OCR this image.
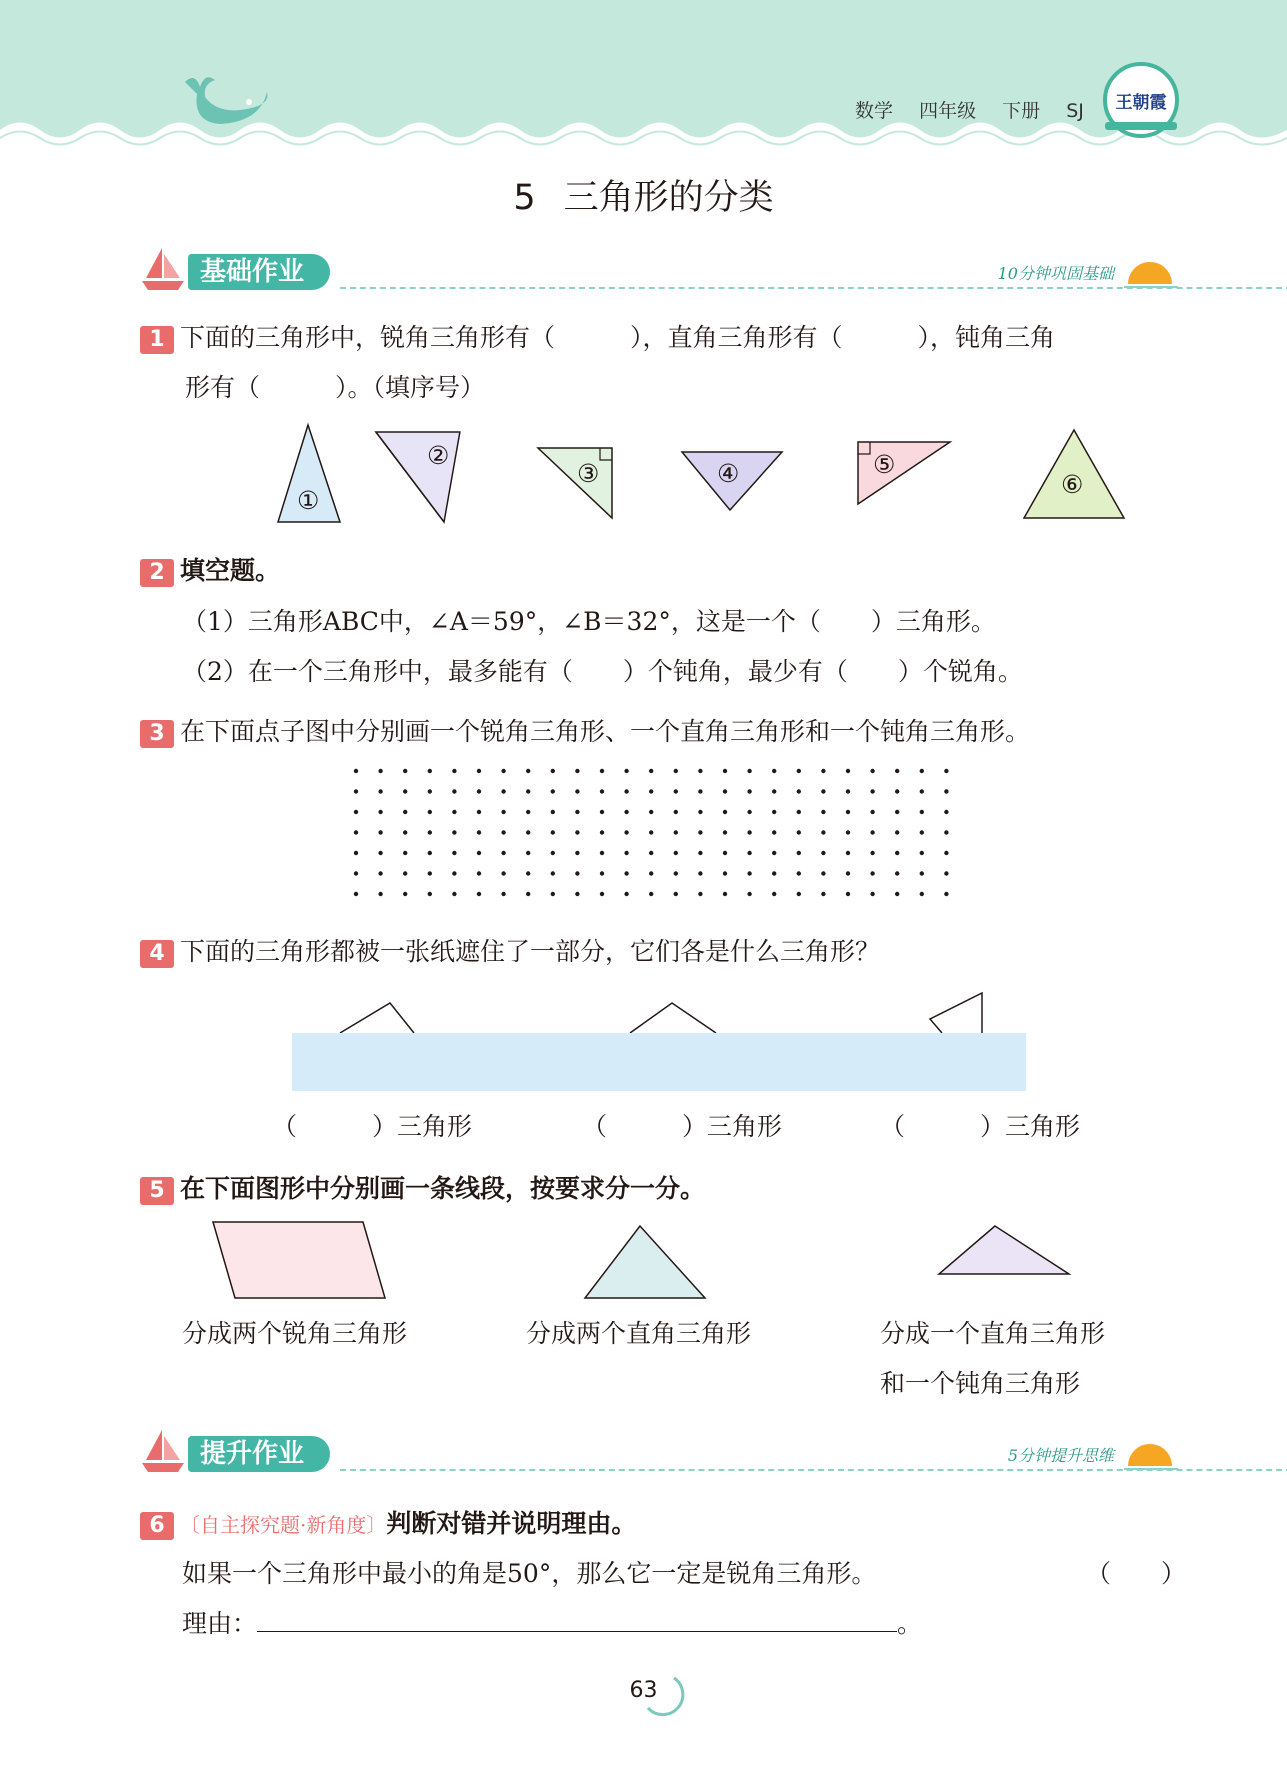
数学 四年级 下册 SJ	王朝霞
5 三角形的分类
基础作业	10分钟巩固基础
1 下面的三角形中，锐角三角形有（　　　），直角三角形有（　　　），钝角三角
形有（　　　）。（填序号）
①
②
③	④	⑤
⑥
2 填空题。
（1）三角形ABC中，∠A＝59°，∠B＝32°，这是一个（　　）三角形。
（2）在一个三角形中，最多能有（　　）个钝角，最少有（　　）个锐角。
3 在下面点子图中分别画一个锐角三角形、一个直角三角形和一个钝角三角形。
4 下面的三角形都被一张纸遮住了一部分，它们各是什么三角形？
（　　　）三角形	（　　　）三角形	（　　　）三角形
5 在下面图形中分别画一条线段，按要求分一分。
分成两个锐角三角形	分成两个直角三角形	分成一个直角三角形
和一个钝角三角形
提升作业	5分钟提升思维
6 〔自主探究题·新角度〕判断对错并说明理由。
如果一个三角形中最小的角是50°，那么它一定是锐角三角形。	（　　）
理由：	。
63
